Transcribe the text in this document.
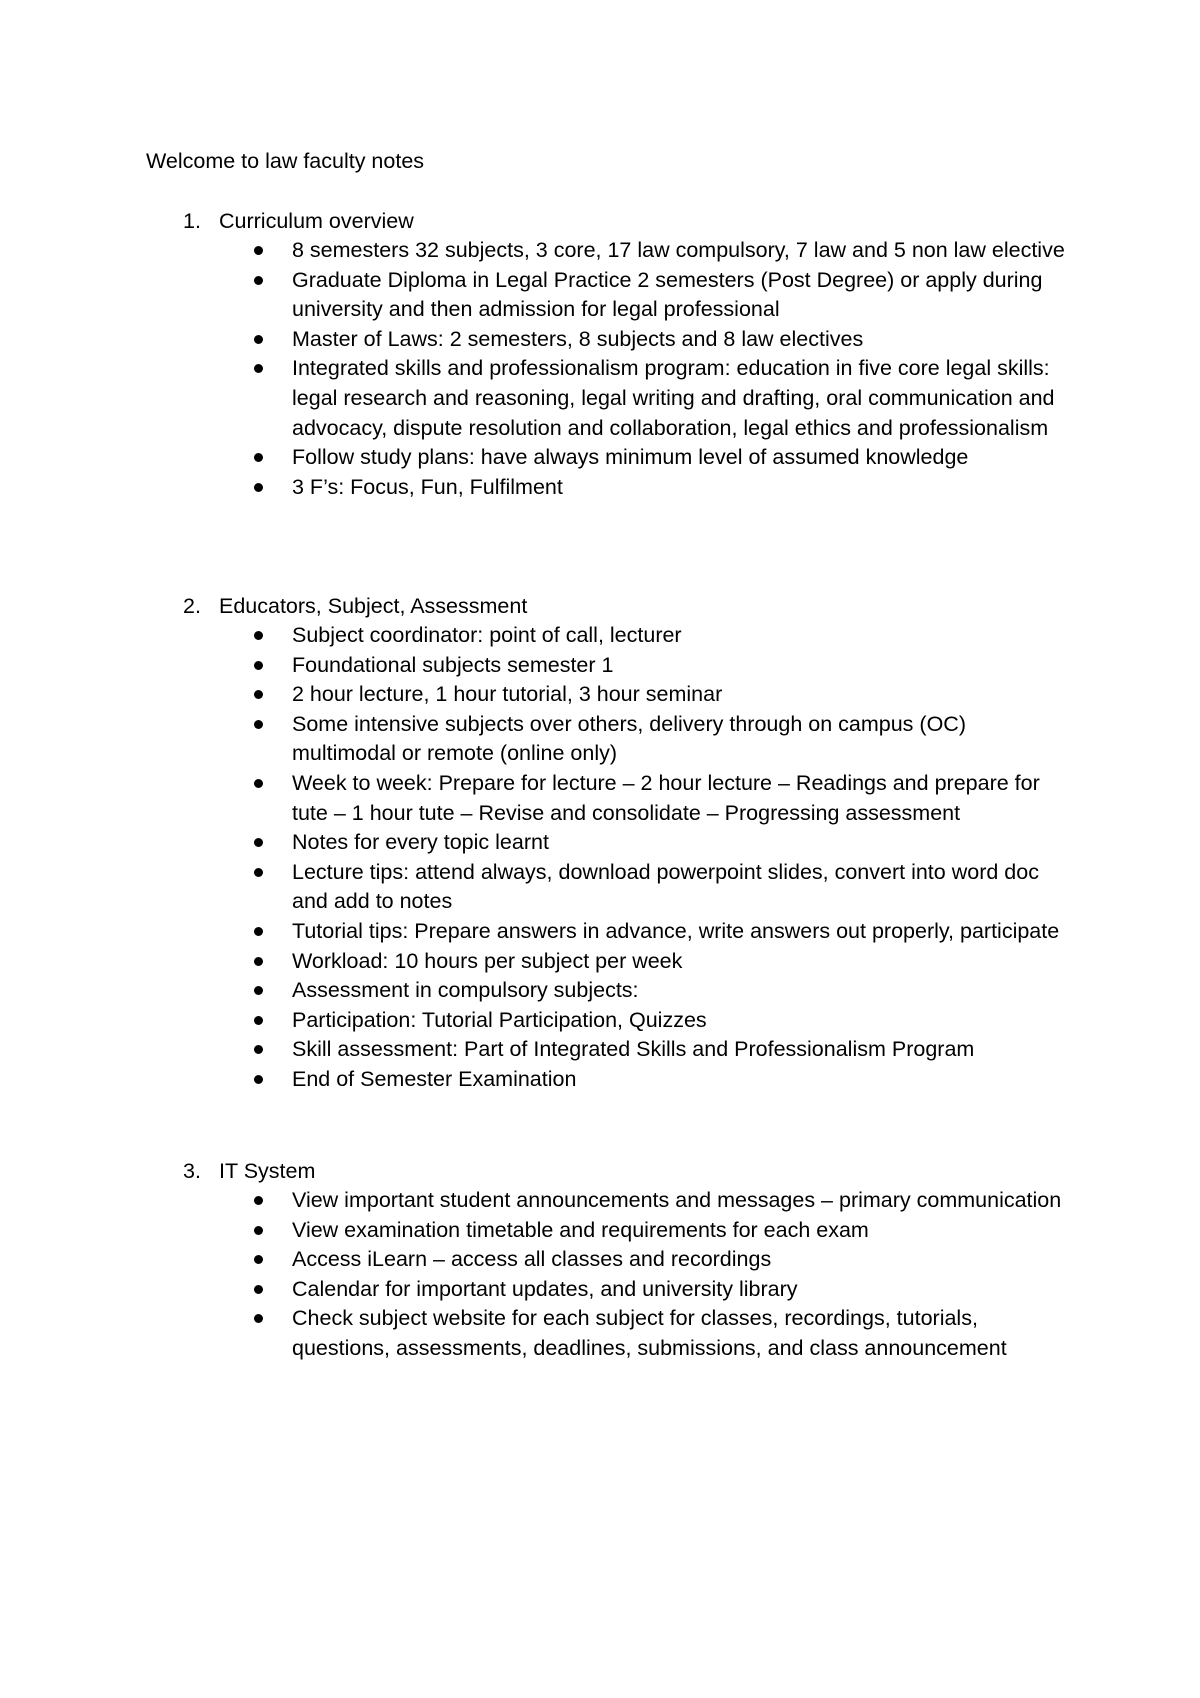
Welcome to law faculty notes
1. Curriculum overview
8 semesters 32 subjects, 3 core, 17 law compulsory, 7 law and 5 non law elective
Graduate Diploma in Legal Practice 2 semesters (Post Degree) or apply during university and then admission for legal professional
Master of Laws: 2 semesters, 8 subjects and 8 law electives
Integrated skills and professionalism program: education in five core legal skills: legal research and reasoning, legal writing and drafting, oral communication and advocacy, dispute resolution and collaboration, legal ethics and professionalism
Follow study plans: have always minimum level of assumed knowledge
3 F’s: Focus, Fun, Fulfilment
2. Educators, Subject, Assessment
Subject coordinator: point of call, lecturer
Foundational subjects semester 1
2 hour lecture, 1 hour tutorial, 3 hour seminar
Some intensive subjects over others, delivery through on campus (OC) multimodal or remote (online only)
Week to week: Prepare for lecture – 2 hour lecture – Readings and prepare for tute – 1 hour tute – Revise and consolidate – Progressing assessment
Notes for every topic learnt
Lecture tips: attend always, download powerpoint slides, convert into word doc and add to notes
Tutorial tips: Prepare answers in advance, write answers out properly, participate
Workload: 10 hours per subject per week
Assessment in compulsory subjects:
Participation: Tutorial Participation, Quizzes
Skill assessment: Part of Integrated Skills and Professionalism Program
End of Semester Examination
3. IT System
View important student announcements and messages – primary communication
View examination timetable and requirements for each exam
Access iLearn – access all classes and recordings
Calendar for important updates, and university library
Check subject website for each subject for classes, recordings, tutorials, questions, assessments, deadlines, submissions, and class announcement
